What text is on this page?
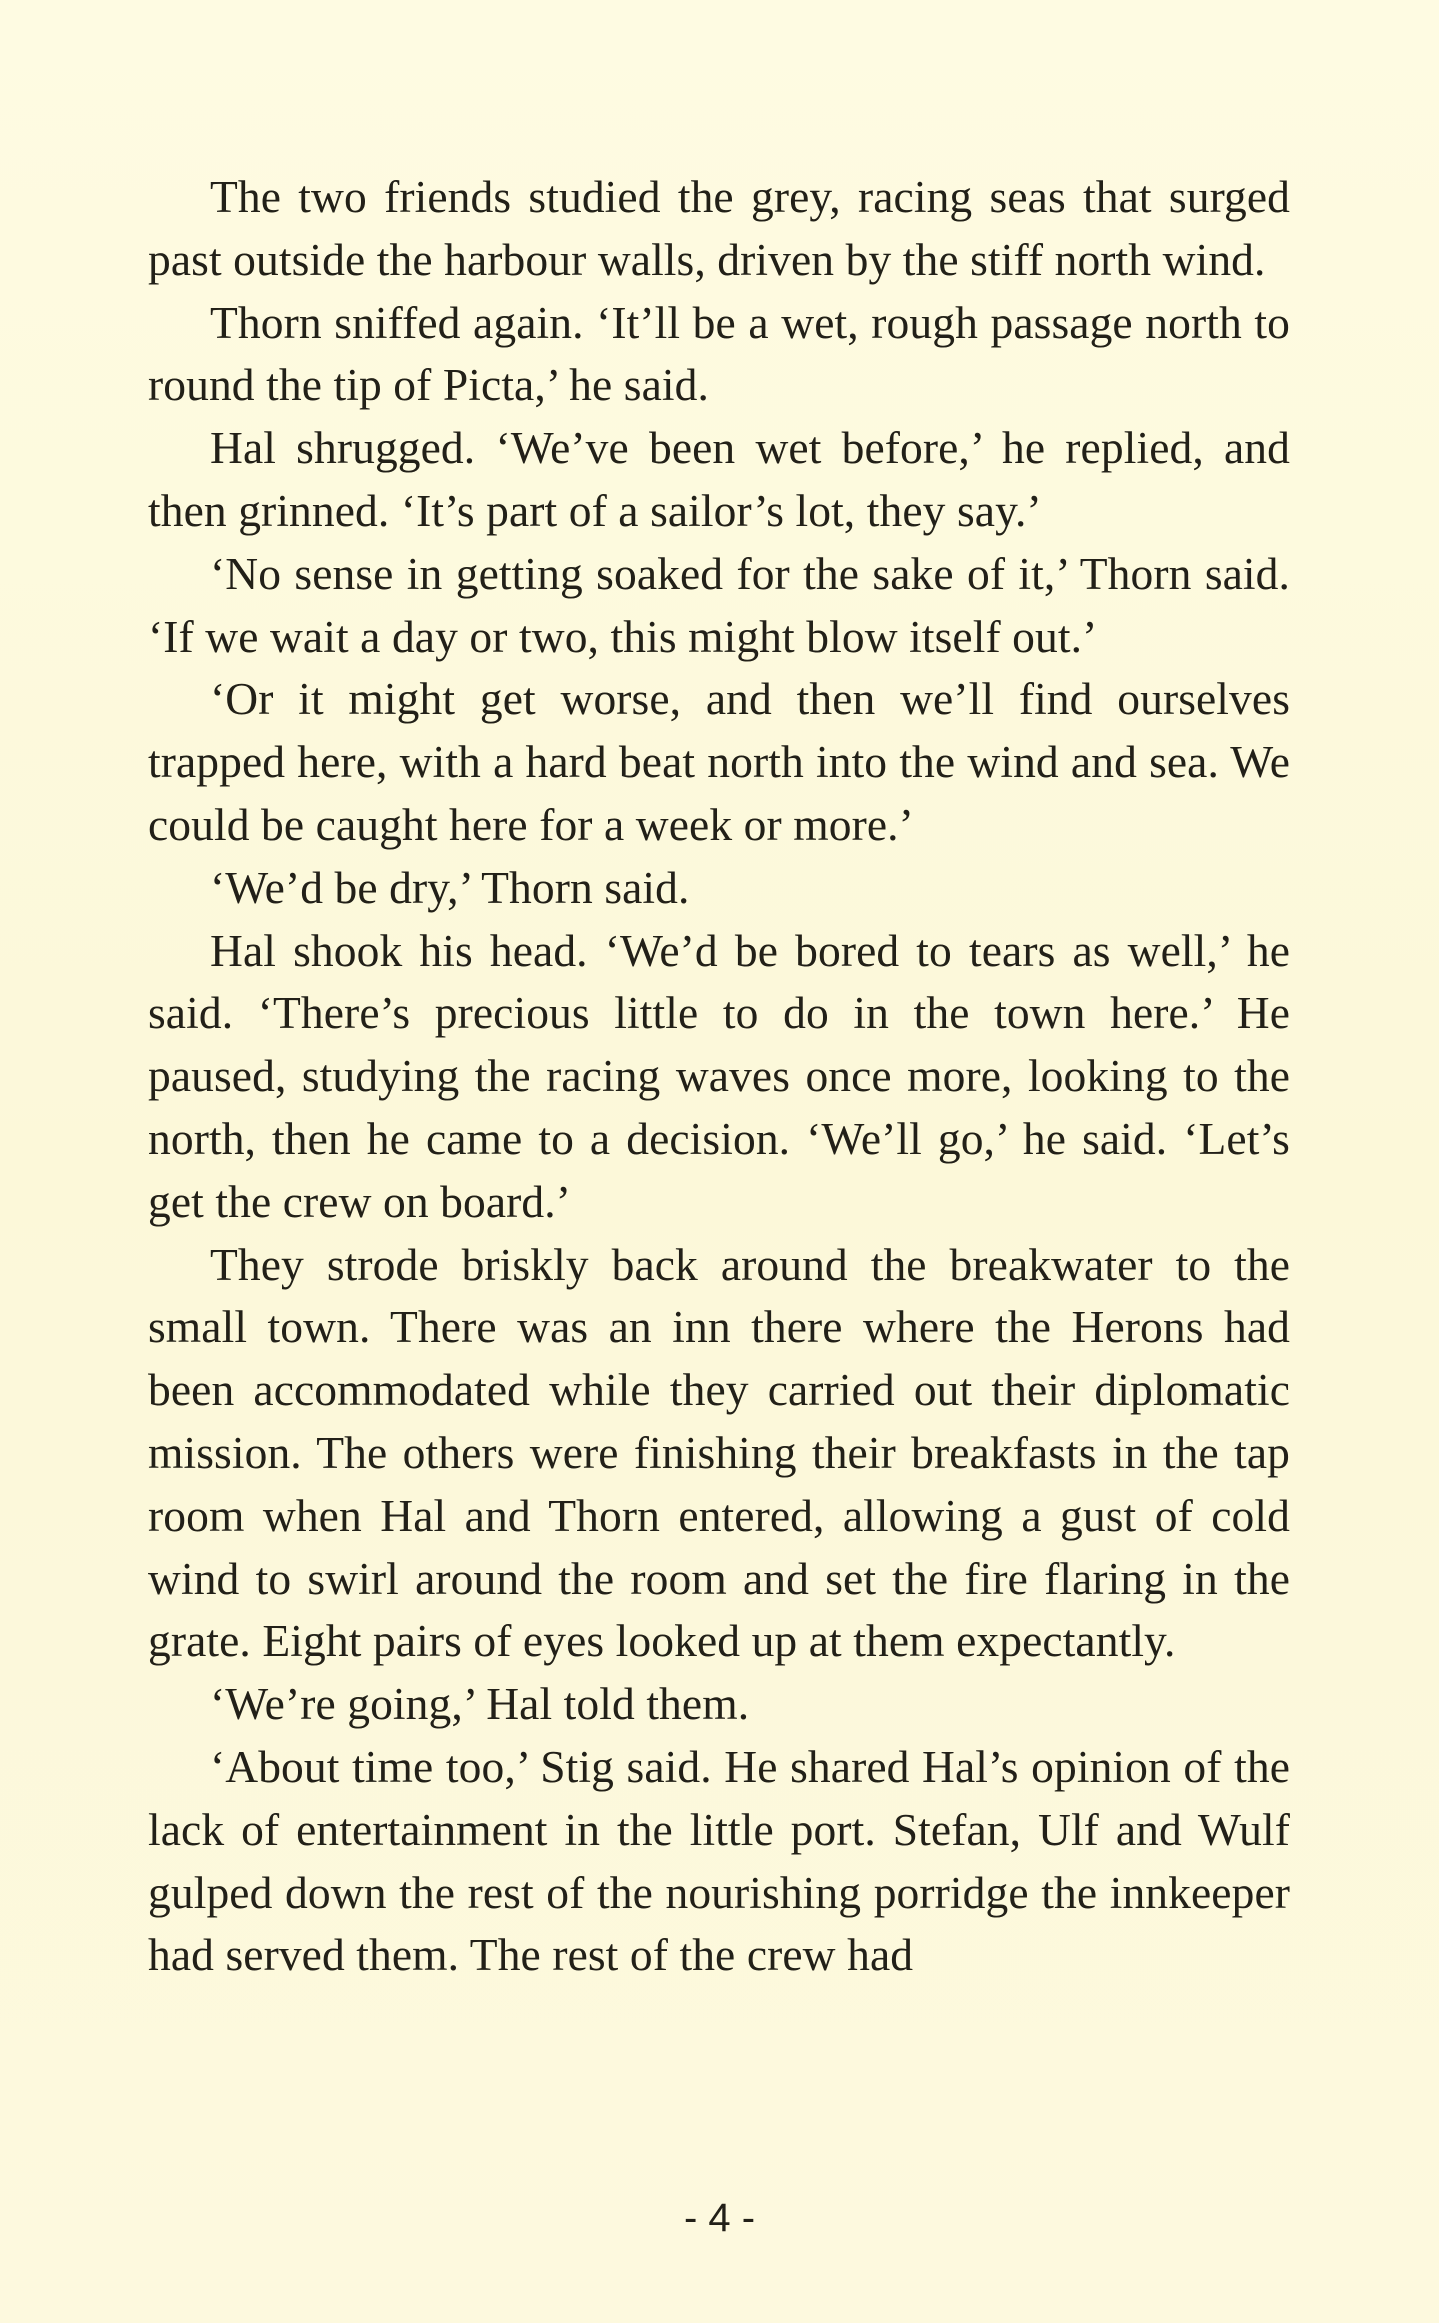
The two friends studied the grey, racing seas that surged past outside the harbour walls, driven by the stiff north wind.

Thorn sniffed again. ‘It’ll be a wet, rough passage north to round the tip of Picta,’ he said.

Hal shrugged. ‘We’ve been wet before,’ he replied, and then grinned. ‘It’s part of a sailor’s lot, they say.’

‘No sense in getting soaked for the sake of it,’ Thorn said. ‘If we wait a day or two, this might blow itself out.’

‘Or it might get worse, and then we’ll find ourselves trapped here, with a hard beat north into the wind and sea. We could be caught here for a week or more.’

‘We’d be dry,’ Thorn said.

Hal shook his head. ‘We’d be bored to tears as well,’ he said. ‘There’s precious little to do in the town here.’ He paused, studying the racing waves once more, looking to the north, then he came to a decision. ‘We’ll go,’ he said. ‘Let’s get the crew on board.’

They strode briskly back around the breakwater to the small town. There was an inn there where the Herons had been accommodated while they carried out their diplomatic mission. The others were finishing their breakfasts in the tap room when Hal and Thorn entered, allowing a gust of cold wind to swirl around the room and set the fire flaring in the grate. Eight pairs of eyes looked up at them expectantly.

‘We’re going,’ Hal told them.

‘About time too,’ Stig said. He shared Hal’s opinion of the lack of entertainment in the little port. Stefan, Ulf and Wulf gulped down the rest of the nourishing porridge the innkeeper had served them. The rest of the crew had

- 4 -
